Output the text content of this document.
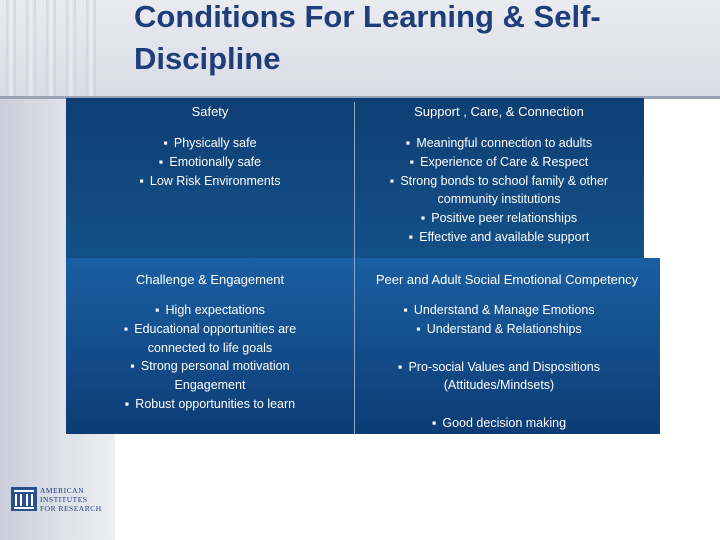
Conditions For Learning & Self-Discipline
Safety
▪ Physically safe
▪ Emotionally safe
▪ Low Risk Environments
Support , Care, & Connection
▪ Meaningful connection to adults
▪ Experience of Care & Respect
▪ Strong bonds to school family & other community institutions
▪ Positive peer relationships
▪ Effective and available support
Challenge & Engagement
▪ High expectations
▪ Educational opportunities are connected to life goals
▪ Strong personal motivation Engagement
▪ Robust opportunities to learn
Peer and Adult Social Emotional Competency
▪ Understand & Manage Emotions
▪ Understand & Relationships
▪ Pro-social Values and Dispositions (Attitudes/Mindsets)
▪ Good decision making
AMERICAN
INSTITUTES
FOR RESEARCH
